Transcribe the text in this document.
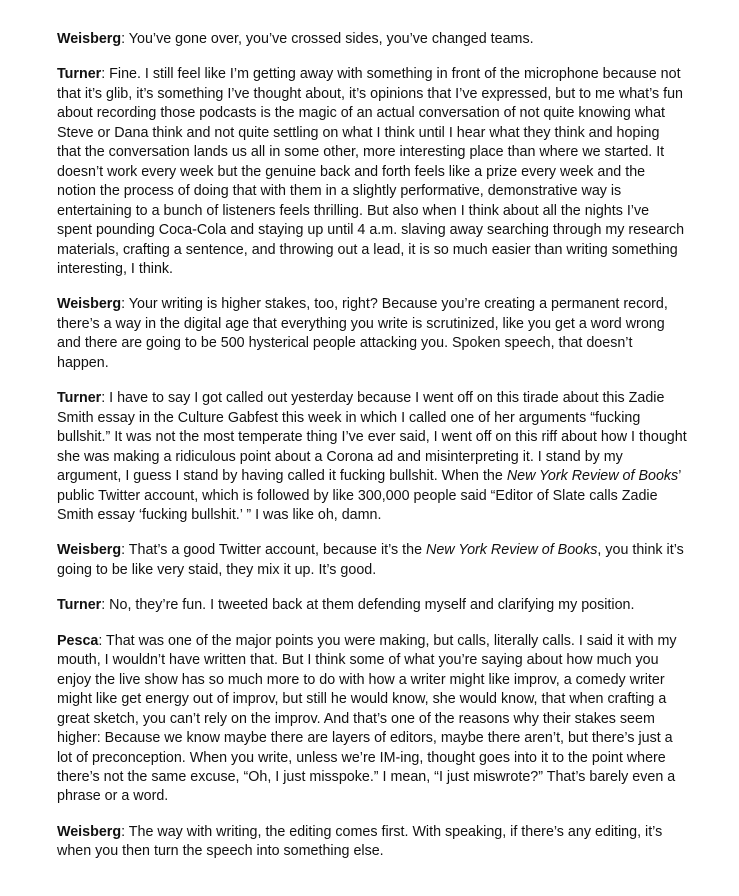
Weisberg: You’ve gone over, you’ve crossed sides, you’ve changed teams.

Turner: Fine. I still feel like I’m getting away with something in front of the microphone because not that it’s glib, it’s something I’ve thought about, it’s opinions that I’ve expressed, but to me what’s fun about recording those podcasts is the magic of an actual conversation of not quite knowing what Steve or Dana think and not quite settling on what I think until I hear what they think and hoping that the conversation lands us all in some other, more interesting place than where we started. It doesn’t work every week but the genuine back and forth feels like a prize every week and the notion the process of doing that with them in a slightly performative, demonstrative way is entertaining to a bunch of listeners feels thrilling. But also when I think about all the nights I’ve spent pounding Coca-Cola and staying up until 4 a.m. slaving away searching through my research materials, crafting a sentence, and throwing out a lead, it is so much easier than writing something interesting, I think.

Weisberg: Your writing is higher stakes, too, right? Because you’re creating a permanent record, there’s a way in the digital age that everything you write is scrutinized, like you get a word wrong and there are going to be 500 hysterical people attacking you. Spoken speech, that doesn’t happen.

Turner: I have to say I got called out yesterday because I went off on this tirade about this Zadie Smith essay in the Culture Gabfest this week in which I called one of her arguments “fucking bullshit.” It was not the most temperate thing I’ve ever said, I went off on this riff about how I thought she was making a ridiculous point about a Corona ad and misinterpreting it. I stand by my argument, I guess I stand by having called it fucking bullshit. When the New York Review of Books’ public Twitter account, which is followed by like 300,000 people said “Editor of Slate calls Zadie Smith essay ‘fucking bullshit.’ ” I was like oh, damn.

Weisberg: That’s a good Twitter account, because it’s the New York Review of Books, you think it’s going to be like very staid, they mix it up. It’s good.

Turner: No, they’re fun. I tweeted back at them defending myself and clarifying my position.

Pesca: That was one of the major points you were making, but calls, literally calls. I said it with my mouth, I wouldn’t have written that. But I think some of what you’re saying about how much you enjoy the live show has so much more to do with how a writer might like improv, a comedy writer might like get energy out of improv, but still he would know, she would know, that when crafting a great sketch, you can’t rely on the improv. And that’s one of the reasons why their stakes seem higher: Because we know maybe there are layers of editors, maybe there aren’t, but there’s just a lot of preconception. When you write, unless we’re IM-ing, thought goes into it to the point where there’s not the same excuse, “Oh, I just misspoke.” I mean, “I just miswrote?” That’s barely even a phrase or a word.

Weisberg: The way with writing, the editing comes first. With speaking, if there’s any editing, it’s when you then turn the speech into something else.
